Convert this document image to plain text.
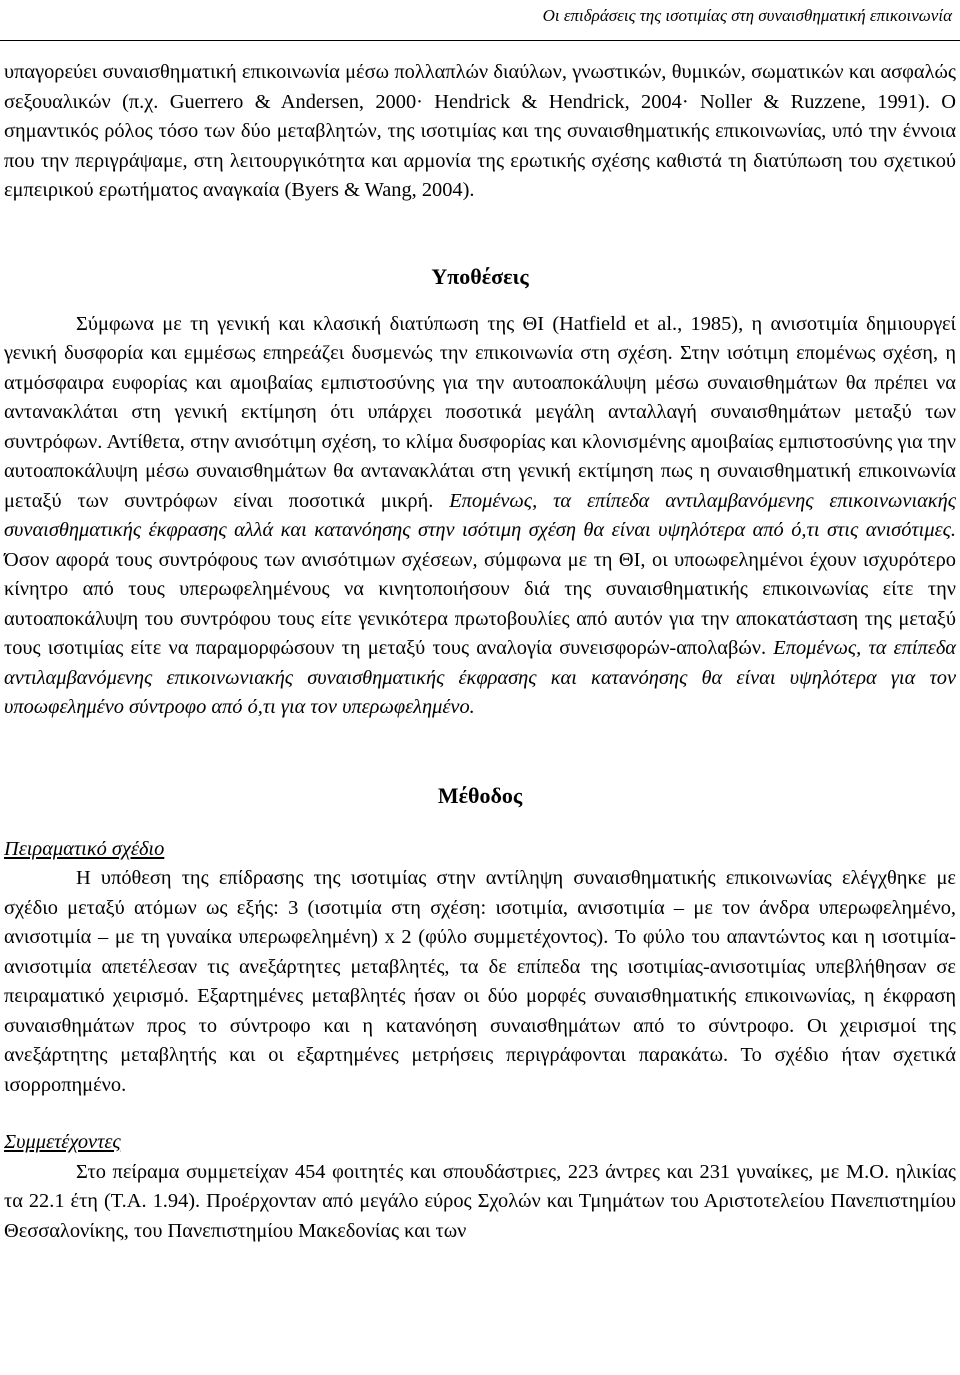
Οι επιδράσεις της ισοτιμίας στη συναισθηματική επικοινωνία

υπαγορεύει συναισθηματική επικοινωνία μέσω πολλαπλών διαύλων, γνωστικών, θυμικών, σωματικών και ασφαλώς σεξουαλικών (π.χ. Guerrero & Andersen, 2000· Hendrick & Hendrick, 2004· Noller & Ruzzene, 1991). Ο σημαντικός ρόλος τόσο των δύο μεταβλητών, της ισοτιμίας και της συναισθηματικής επικοινωνίας, υπό την έννοια που την περιγράψαμε, στη λειτουργικότητα και αρμονία της ερωτικής σχέσης καθιστά τη διατύπωση του σχετικού εμπειρικού ερωτήματος αναγκαία (Byers & Wang, 2004).

Υποθέσεις

Σύμφωνα με τη γενική και κλασική διατύπωση της ΘΙ (Hatfield et al., 1985), η ανισοτιμία δημιουργεί γενική δυσφορία και εμμέσως επηρεάζει δυσμενώς την επικοινωνία στη σχέση. Στην ισότιμη επομένως σχέση, η ατμόσφαιρα ευφορίας και αμοιβαίας εμπιστοσύνης για την αυτοαποκάλυψη μέσω συναισθημάτων θα πρέπει να αντανακλάται στη γενική εκτίμηση ότι υπάρχει ποσοτικά μεγάλη ανταλλαγή συναισθημάτων μεταξύ των συντρόφων. Αντίθετα, στην ανισότιμη σχέση, το κλίμα δυσφορίας και κλονισμένης αμοιβαίας εμπιστοσύνης για την αυτοαποκάλυψη μέσω συναισθημάτων θα αντανακλάται στη γενική εκτίμηση πως η συναισθηματική επικοινωνία μεταξύ των συντρόφων είναι ποσοτικά μικρή. Επομένως, τα επίπεδα αντιλαμβανόμενης επικοινωνιακής συναισθηματικής έκφρασης αλλά και κατανόησης στην ισότιμη σχέση θα είναι υψηλότερα από ό,τι στις ανισότιμες. Όσον αφορά τους συντρόφους των ανισότιμων σχέσεων, σύμφωνα με τη ΘΙ, οι υποωφελημένοι έχουν ισχυρότερο κίνητρο από τους υπερωφελημένους να κινητοποιήσουν διά της συναισθηματικής επικοινωνίας είτε την αυτοαποκάλυψη του συντρόφου τους είτε γενικότερα πρωτοβουλίες από αυτόν για την αποκατάσταση της μεταξύ τους ισοτιμίας είτε να παραμορφώσουν τη μεταξύ τους αναλογία συνεισφορών-απολαβών. Επομένως, τα επίπεδα αντιλαμβανόμενης επικοινωνιακής συναισθηματικής έκφρασης και κατανόησης θα είναι υψηλότερα για τον υποωφελημένο σύντροφο από ό,τι για τον υπερωφελημένο.

Μέθοδος

Πειραματικό σχέδιο

Η υπόθεση της επίδρασης της ισοτιμίας στην αντίληψη συναισθηματικής επικοινωνίας ελέγχθηκε με σχέδιο μεταξύ ατόμων ως εξής: 3 (ισοτιμία στη σχέση: ισοτιμία, ανισοτιμία – με τον άνδρα υπερωφελημένο, ανισοτιμία – με τη γυναίκα υπερωφελημένη) x 2 (φύλο συμμετέχοντος). Το φύλο του απαντώντος και η ισοτιμία-ανισοτιμία απετέλεσαν τις ανεξάρτητες μεταβλητές, τα δε επίπεδα της ισοτιμίας-ανισοτιμίας υπεβλήθησαν σε πειραματικό χειρισμό. Εξαρτημένες μεταβλητές ήσαν οι δύο μορφές συναισθηματικής επικοινωνίας, η έκφραση συναισθημάτων προς το σύντροφο και η κατανόηση συναισθημάτων από το σύντροφο. Οι χειρισμοί της ανεξάρτητης μεταβλητής και οι εξαρτημένες μετρήσεις περιγράφονται παρακάτω. Το σχέδιο ήταν σχετικά ισορροπημένο.

Συμμετέχοντες

Στο πείραμα συμμετείχαν 454 φοιτητές και σπουδάστριες, 223 άντρες και 231 γυναίκες, με Μ.Ο. ηλικίας τα 22.1 έτη (Τ.Α. 1.94). Προέρχονταν από μεγάλο εύρος Σχολών και Τμημάτων του Αριστοτελείου Πανεπιστημίου Θεσσαλονίκης, του Πανεπιστημίου Μακεδονίας και των
